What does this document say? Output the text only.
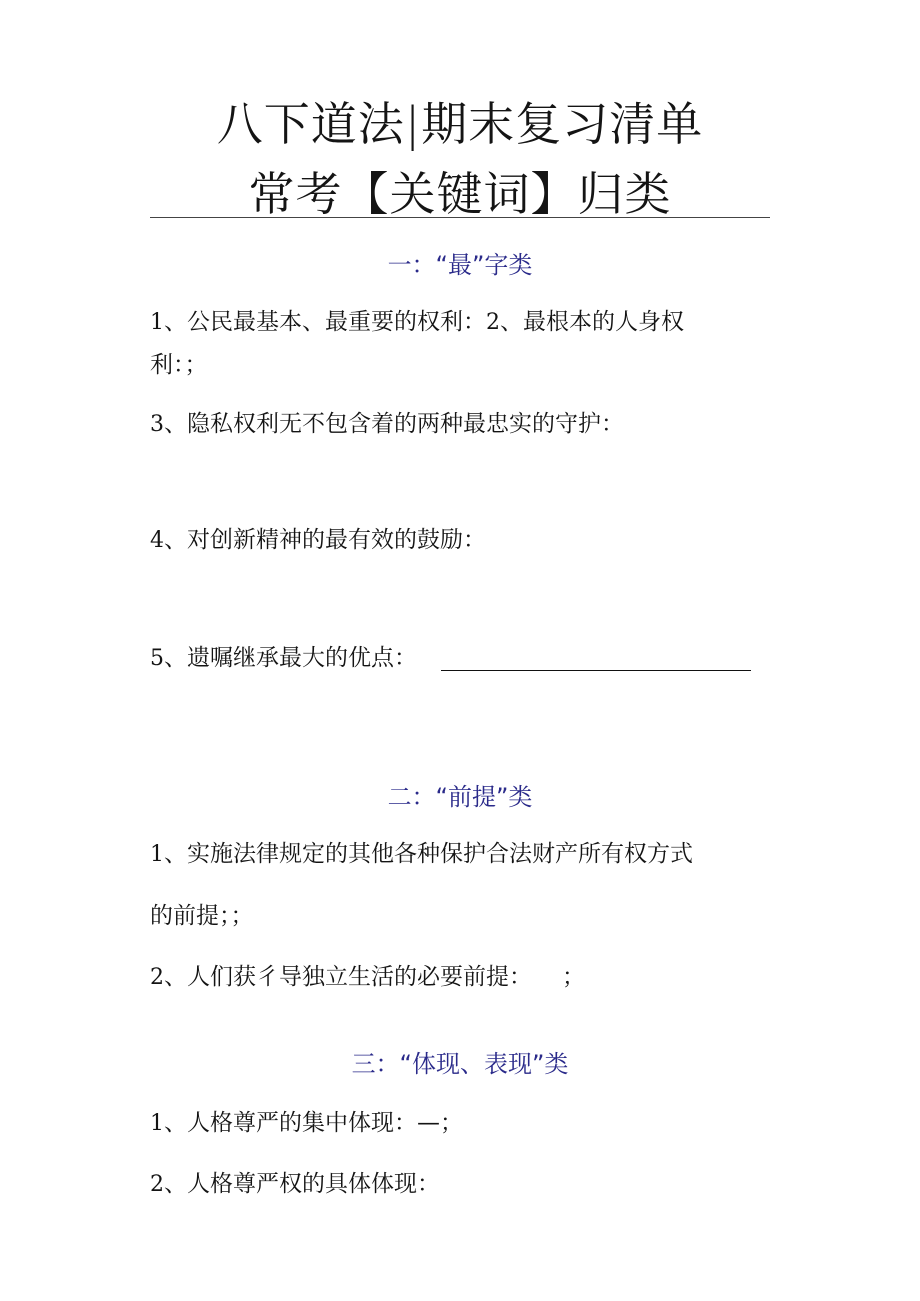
八下道法|期末复习清单
常考【关键词】归类
一：“最”字类
1、公民最基本、最重要的权利：2、最根本的人身权
利：；
3、隐私权利无不包含着的两种最忠实的守护：
4、对创新精神的最有效的鼓励：
5、遗嘱继承最大的优点：
二：“前提”类
1、实施法律规定的其他各种保护合法财产所有权方式
的前提；；
2、人们获彳导独立生活的必要前提： ；
三：“体现、表现”类
1、人格尊严的集中体现：—；
2、人格尊严权的具体体现：
